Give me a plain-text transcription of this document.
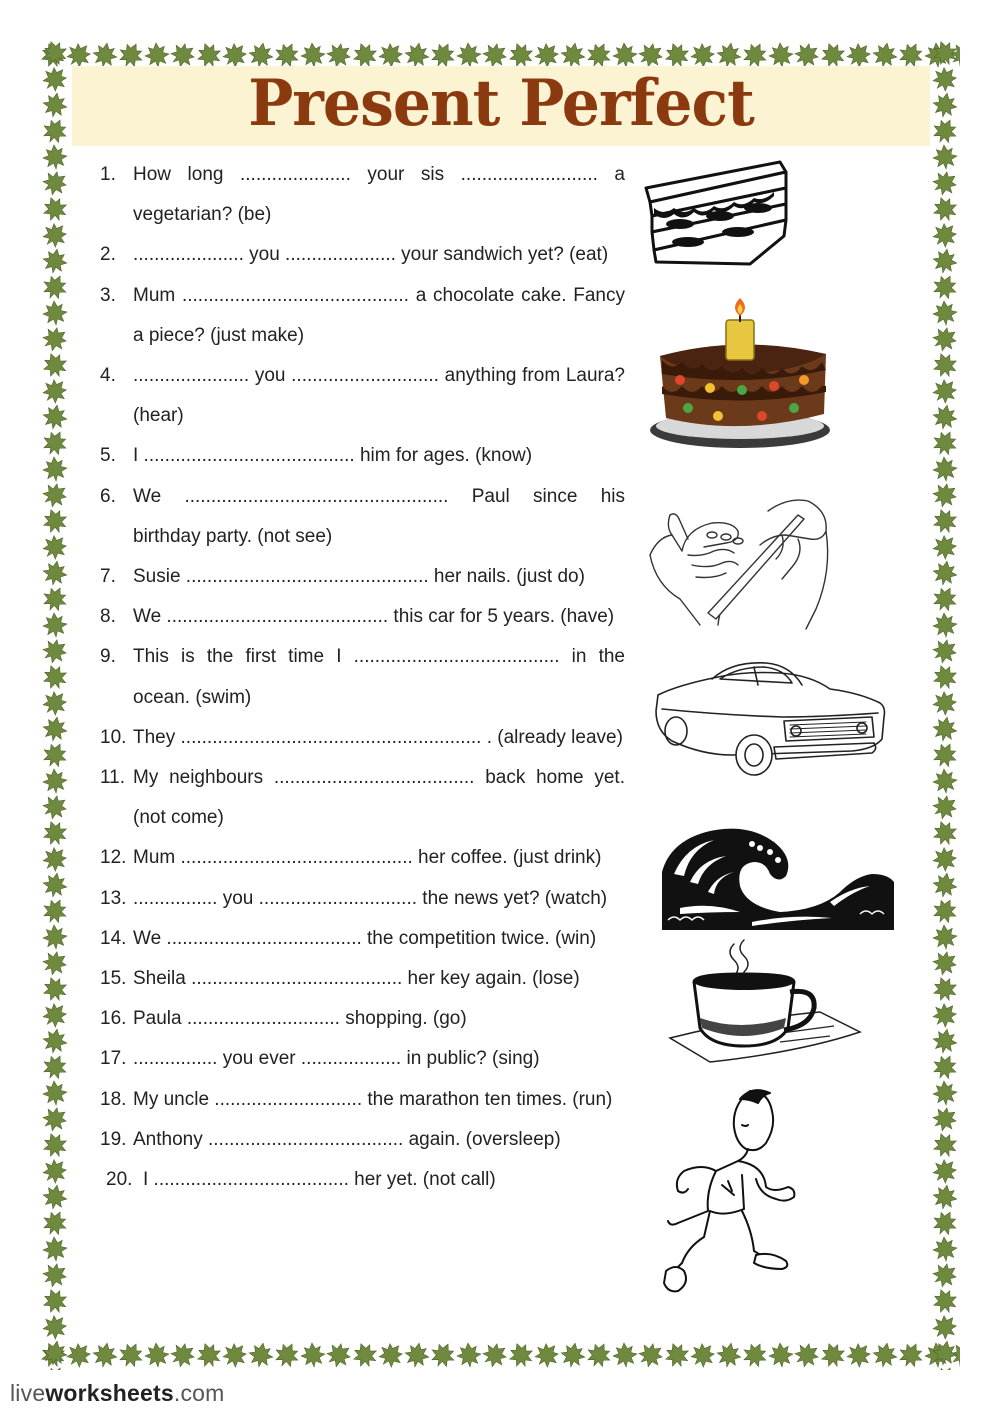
Present Perfect
1. How long ..................... your sis .......................... a vegetarian? (be)
2. ..................... you ..................... your sandwich yet? (eat)
3. Mum ........................................... a chocolate cake. Fancy a piece? (just make)
4. ...................... you ............................ anything from Laura? (hear)
5. I ........................................ him for ages. (know)
6. We .................................................. Paul since his birthday party. (not see)
7. Susie .............................................. her nails. (just do)
8. We .......................................... this car for 5 years. (have)
9. This is the first time I ....................................... in the ocean. (swim)
10. They ......................................................... . (already leave)
11. My neighbours ...................................... back home yet. (not come)
12. Mum ............................................ her coffee. (just drink)
13. ................ you .............................. the news yet? (watch)
14. We ..................................... the competition twice. (win)
15. Sheila ........................................ her key again. (lose)
16. Paula ............................. shopping. (go)
17. ................ you ever ................... in public? (sing)
18. My uncle ............................ the marathon ten times. (run)
19. Anthony ..................................... again. (oversleep)
20. I ..................................... her yet. (not call)
liveworksheets.com
